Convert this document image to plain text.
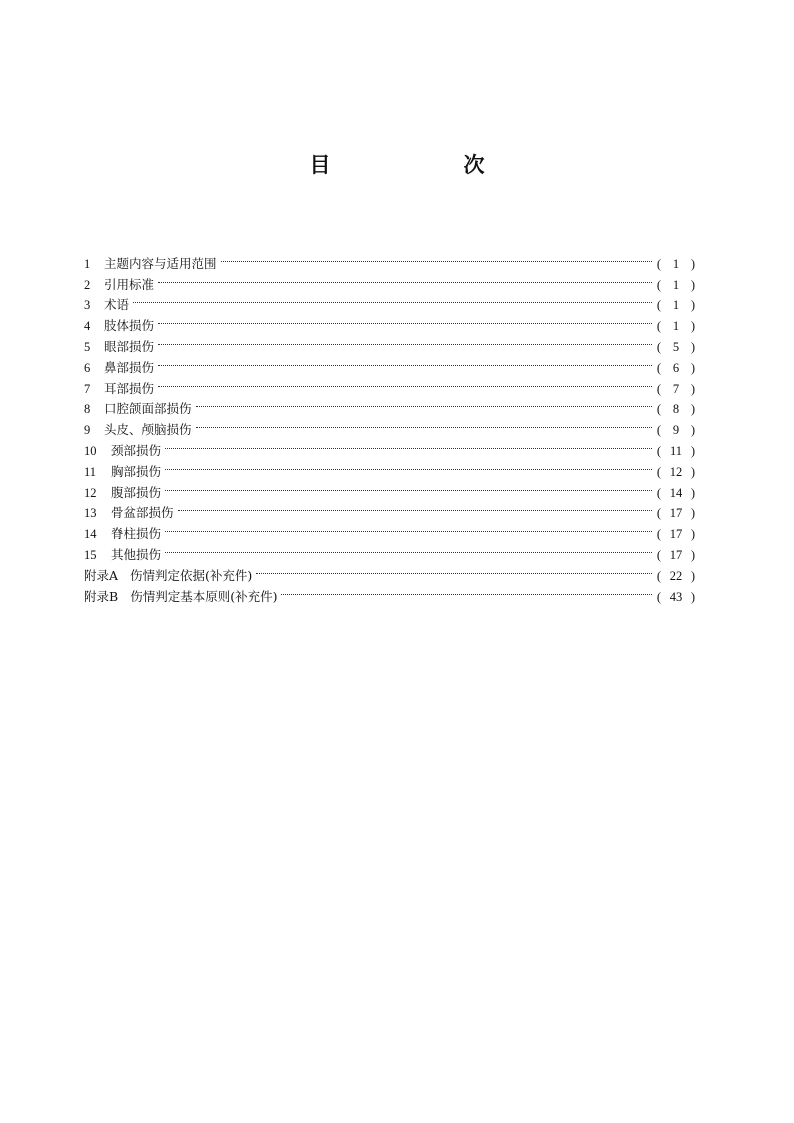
目　次
1	主题内容与适用范围	( 1 )
2	引用标准	( 1 )
3	术语	( 1 )
4	肢体损伤	( 1 )
5	眼部损伤	( 5 )
6	鼻部损伤	( 6 )
7	耳部损伤	( 7 )
8	口腔颌面部损伤	( 8 )
9	头皮、颅脑损伤	( 9 )
10	颈部损伤	( 11 )
11	胸部损伤	( 12 )
12	腹部损伤	( 14 )
13	骨盆部损伤	( 17 )
14	脊柱损伤	( 17 )
15	其他损伤	( 17 )
附录A 伤情判定依据(补充件)	( 22 )
附录B 伤情判定基本原则(补充件)	( 43 )
